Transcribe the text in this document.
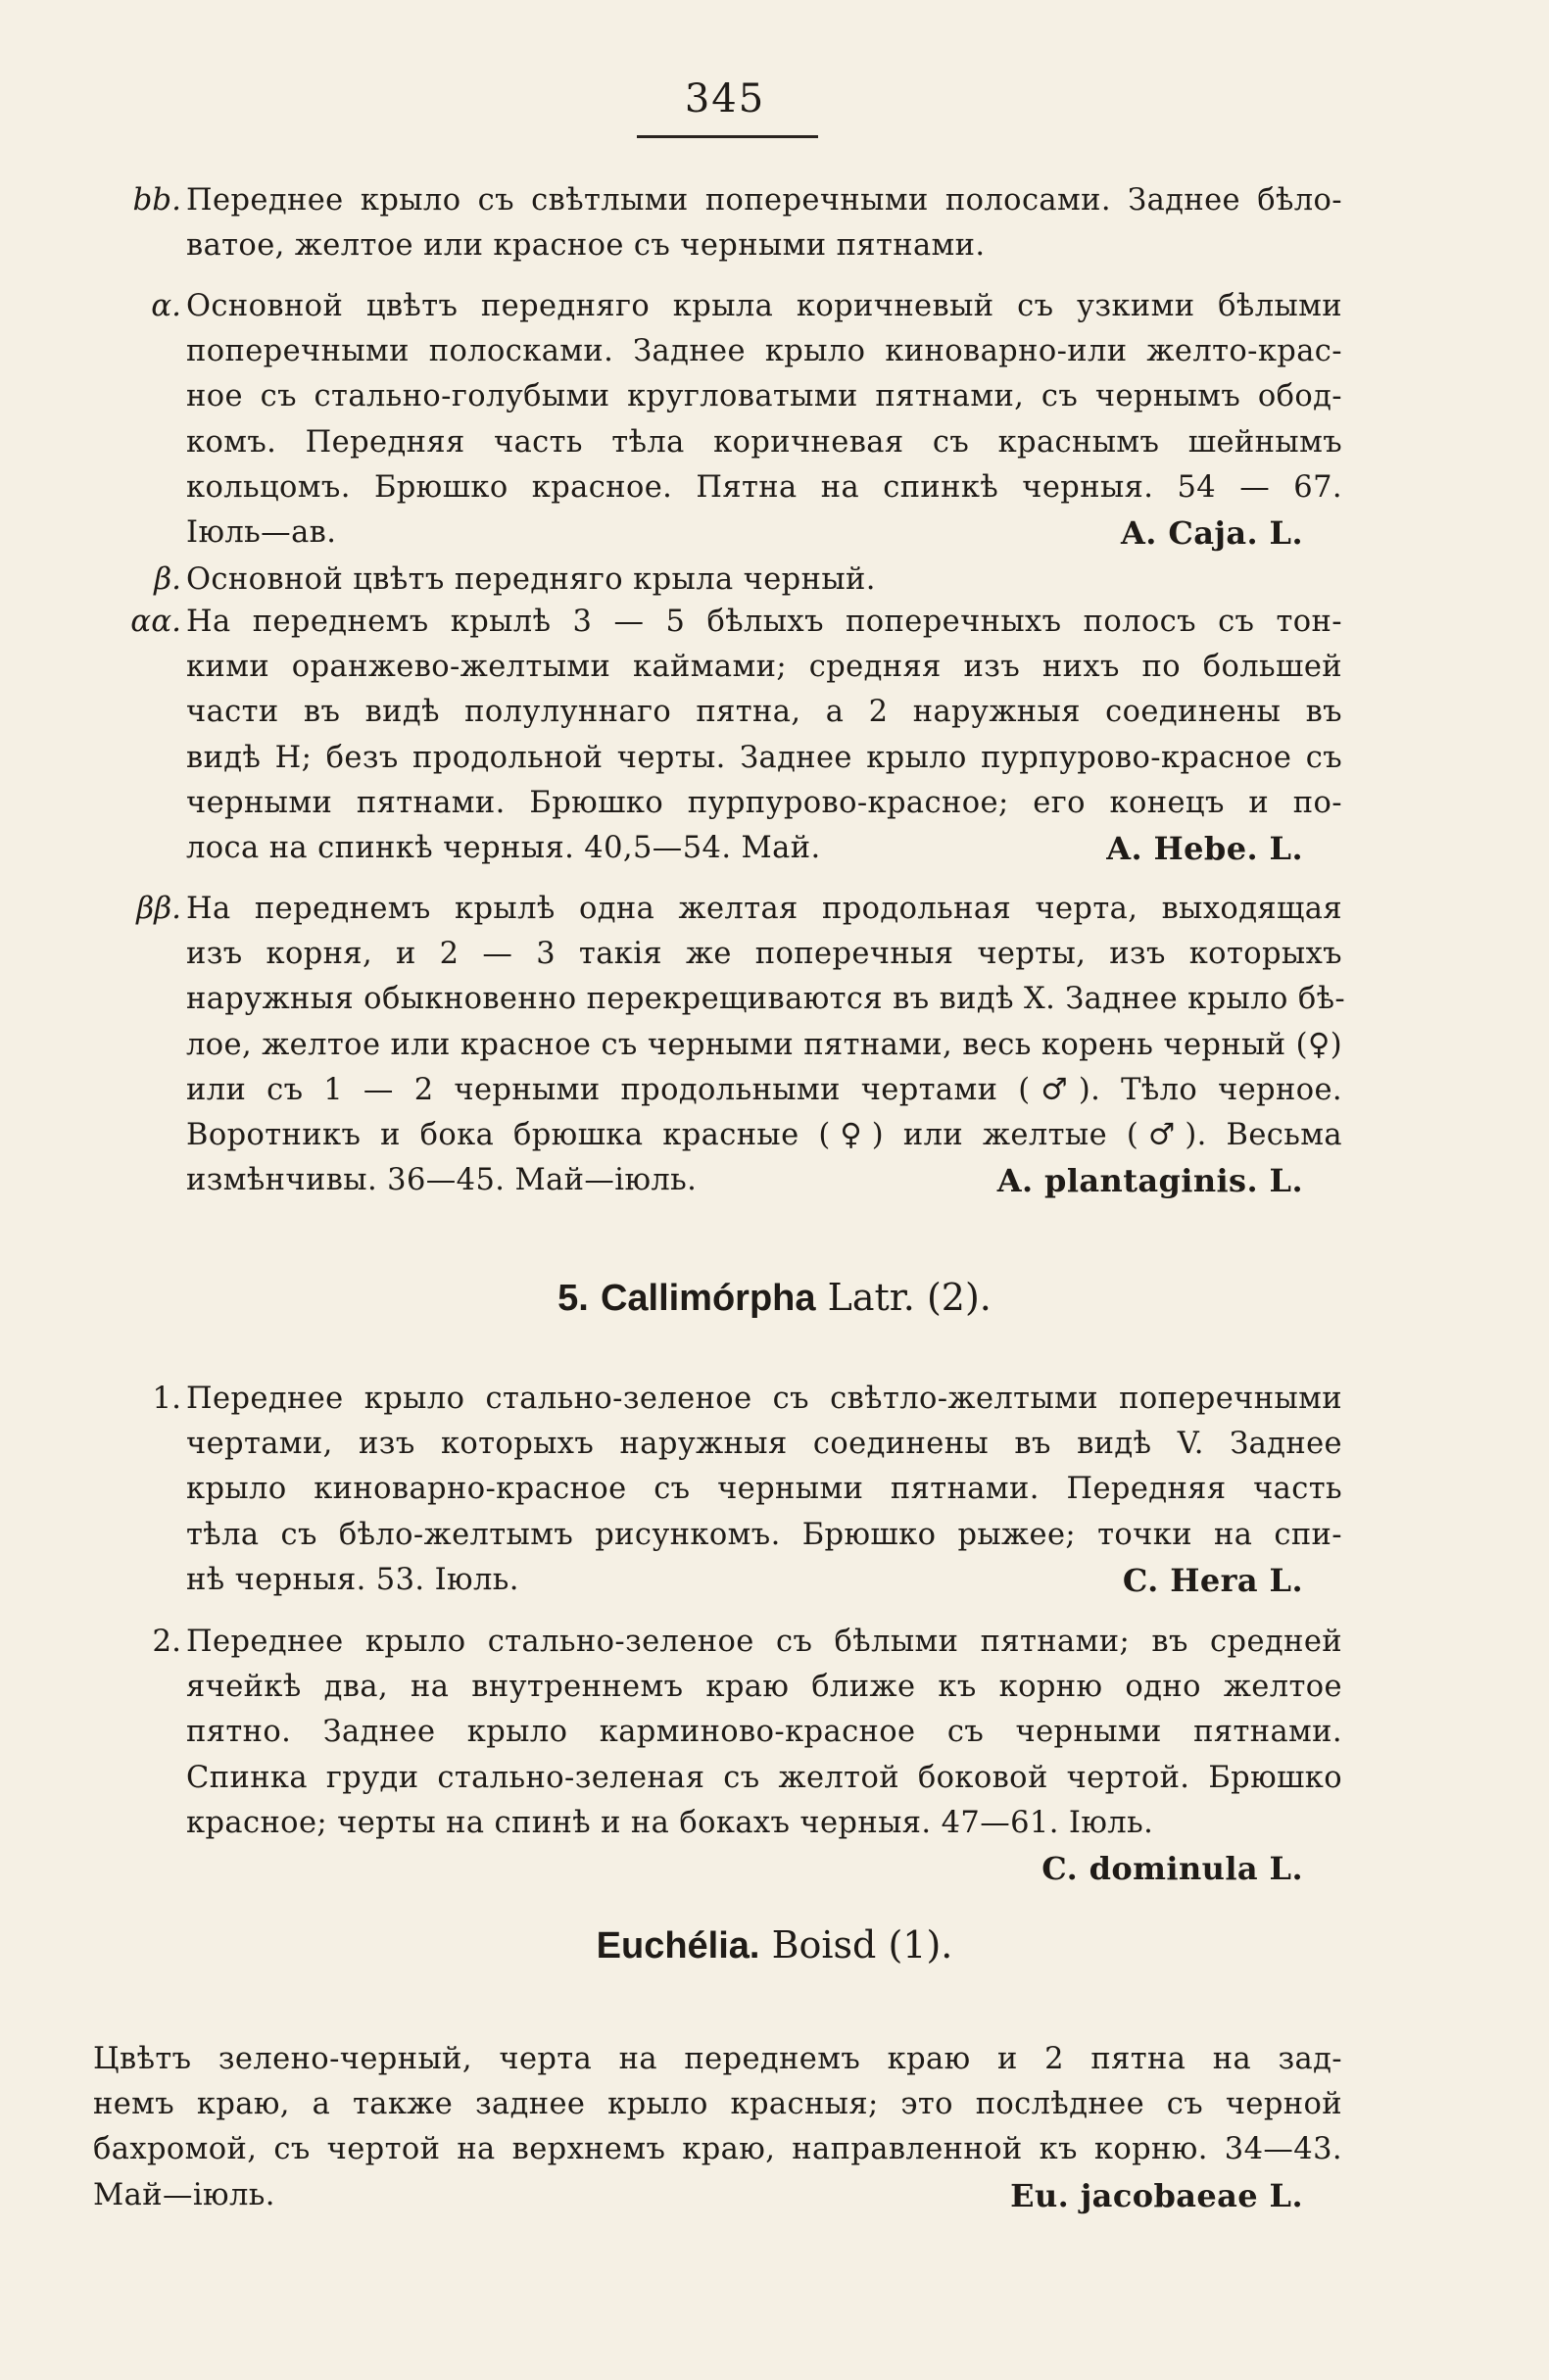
345
bb. Переднее крыло съ свѣтлыми поперечными полосами. Заднее бѣло-
ватое, желтое или красное съ черными пятнами.
α. Основной цвѣтъ передняго крыла коричневый съ узкими бѣлыми
поперечными полосками. Заднее крыло киноварно-или желто-крас-
ное съ стально-голубыми кругловатыми пятнами, съ чернымъ обод-
комъ. Передняя часть тѣла коричневая съ краснымъ шейнымъ
кольцомъ. Брюшко красное. Пятна на спинкѣ черныя. 54 — 67.
Іюль—ав.	A. Caja. L.
β. Основной цвѣтъ передняго крыла черный.
αα. На переднемъ крылѣ 3 — 5 бѣлыхъ поперечныхъ полосъ съ тон-
кими оранжево-желтыми каймами; средняя изъ нихъ по большей
части въ видѣ полулуннаго пятна, а 2 наружныя соединены въ
видѣ Н; безъ продольной черты. Заднее крыло пурпурово-красное съ
черными пятнами. Брюшко пурпурово-красное; его конецъ и по-
лоса на спинкѣ черныя. 40,5—54. Май.	A. Hebe. L.
ββ. На переднемъ крылѣ одна желтая продольная черта, выходящая
изъ корня, и 2 — 3 такія же поперечныя черты, изъ которыхъ
наружныя обыкновенно перекрещиваются въ видѣ Х. Заднее крыло бѣ-
лое, желтое или красное съ черными пятнами, весь корень черный (♀)
или съ 1 — 2 черными продольными чертами (♂). Тѣло черное.
Воротникъ и бока брюшка красные (♀) или желтые (♂). Весьма
измѣнчивы. 36—45. Май—іюль.	A. plantaginis. L.
5. Callimórpha Latr. (2).
1. Переднее крыло стально-зеленое съ свѣтло-желтыми поперечными
чертами, изъ которыхъ наружныя соединены въ видѣ V. Заднее
крыло киноварно-красное съ черными пятнами. Передняя часть
тѣла съ бѣло-желтымъ рисункомъ. Брюшко рыжее; точки на спи-
нѣ черныя. 53. Іюль.	C. Hera L.
2. Переднее крыло стально-зеленое съ бѣлыми пятнами; въ средней
ячейкѣ два, на внутреннемъ краю ближе къ корню одно желтое
пятно. Заднее крыло карминово-красное съ черными пятнами.
Спинка груди стально-зеленая съ желтой боковой чертой. Брюшко
красное; черты на спинѣ и на бокахъ черныя. 47—61. Іюль.
C. dominula L.
Euchélia. Boisd (1).
Цвѣтъ зелено-черный, черта на переднемъ краю и 2 пятна на зад-
немъ краю, а также заднее крыло красныя; это послѣднее съ черной
бахромой, съ чертой на верхнемъ краю, направленной къ корню. 34—43.
Май—іюль.	Eu. jacobaeae L.
